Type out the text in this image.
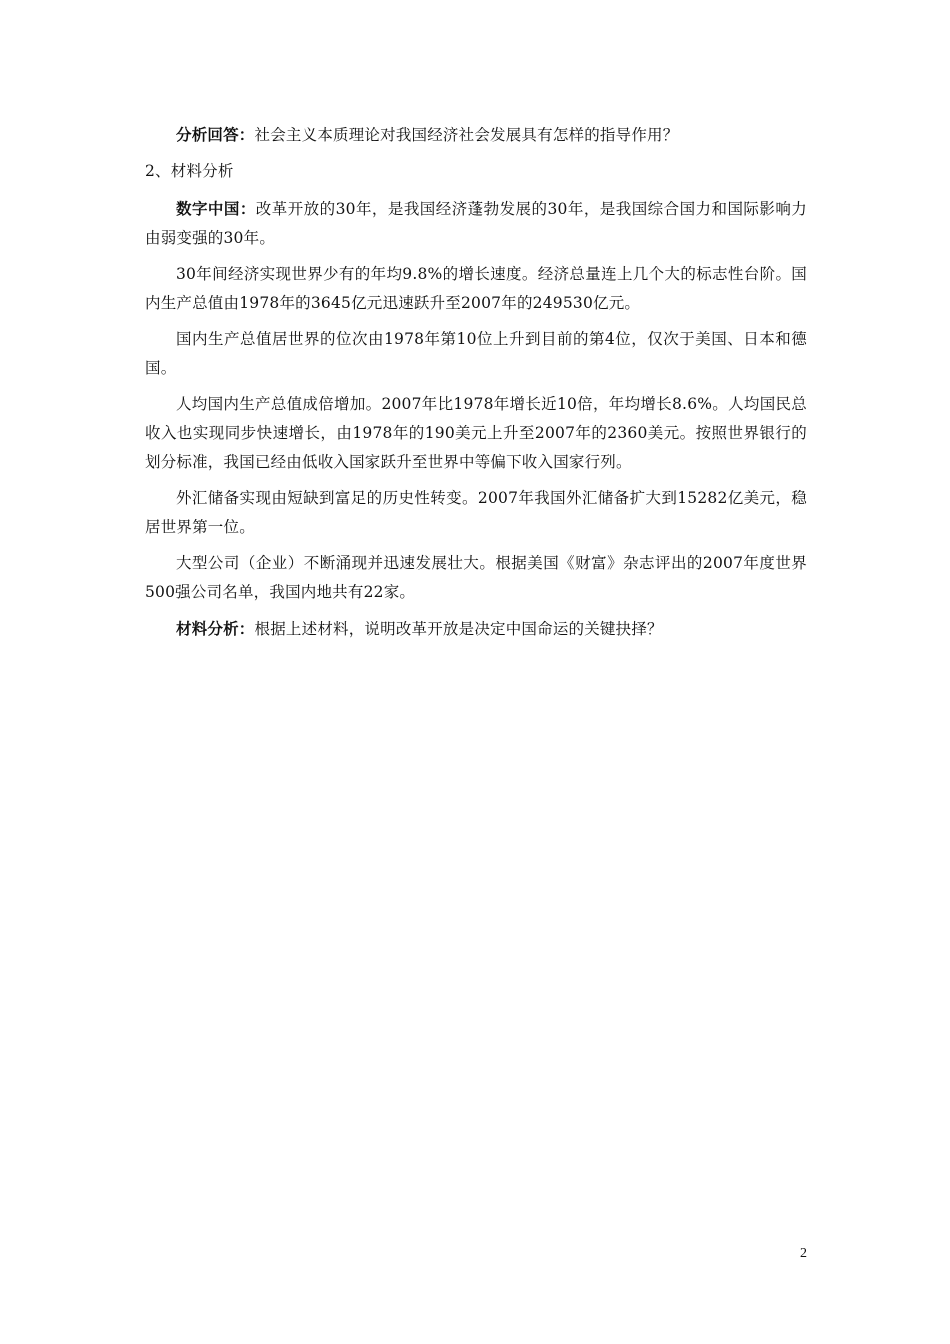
分析回答：社会主义本质理论对我国经济社会发展具有怎样的指导作用？

2、材料分析

数字中国：改革开放的30年，是我国经济蓬勃发展的30年，是我国综合国力和国际影响力由弱变强的30年。

30年间经济实现世界少有的年均9.8%的增长速度。经济总量连上几个大的标志性台阶。国内生产总值由1978年的3645亿元迅速跃升至2007年的249530亿元。

国内生产总值居世界的位次由1978年第10位上升到目前的第4位，仅次于美国、日本和德国。

人均国内生产总值成倍增加。2007年比1978年增长近10倍，年均增长8.6%。人均国民总收入也实现同步快速增长，由1978年的190美元上升至2007年的2360美元。按照世界银行的划分标准，我国已经由低收入国家跃升至世界中等偏下收入国家行列。

外汇储备实现由短缺到富足的历史性转变。2007年我国外汇储备扩大到15282亿美元，稳居世界第一位。

大型公司（企业）不断涌现并迅速发展壮大。根据美国《财富》杂志评出的2007年度世界500强公司名单，我国内地共有22家。

材料分析：根据上述材料，说明改革开放是决定中国命运的关键抉择？

2
